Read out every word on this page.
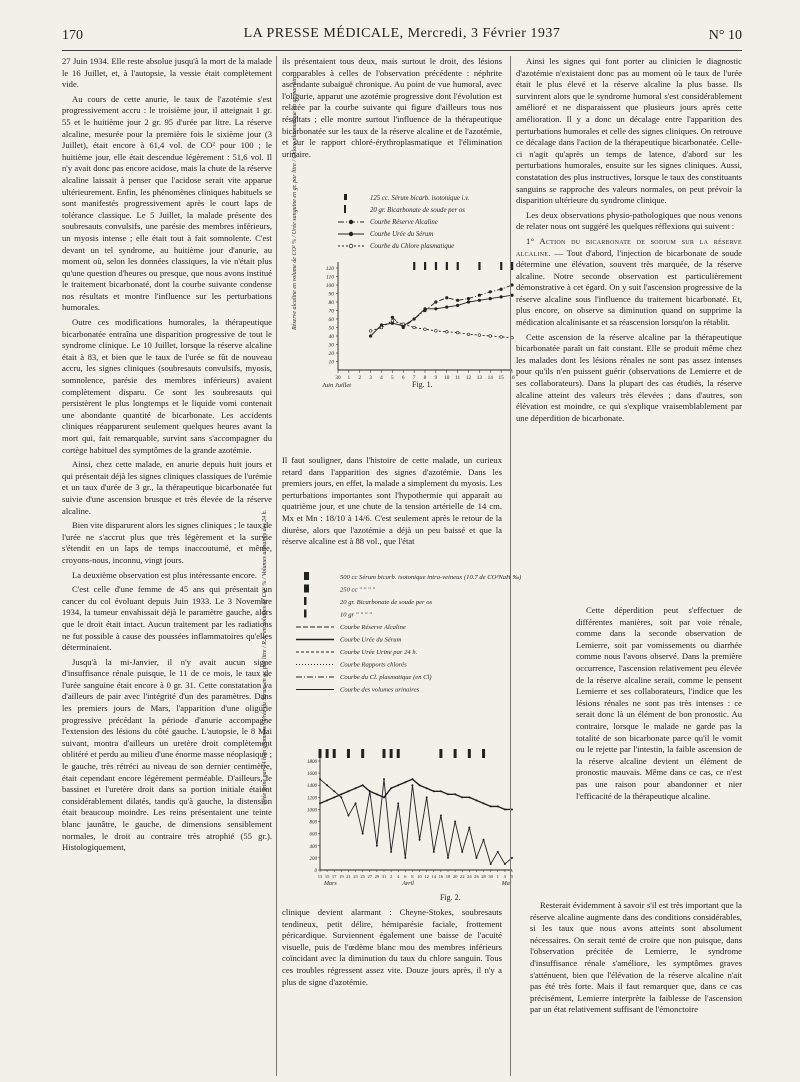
170	LA PRESSE MÉDICALE, Mercredi, 3 Février 1937	N° 10

27 Juin 1934. Elle reste absolue jusqu'à la mort de la malade le 16 Juillet, et, à l'autopsie, la vessie était complètement vide.

Au cours de cette anurie, le taux de l'azotémie s'est progressivement accru : le troisième jour, il atteignait 1 gr. 55 et le huitième jour 2 gr. 95 d'urée par litre. La réserve alcaline, mesurée pour la première fois le sixième jour (3 Juillet), était encore à 61,4 vol. de CO² pour 100 ; le huitième jour, elle était descendue légèrement : 51,6 vol. Il n'y avait donc pas encore acidose, mais la chute de la réserve alcaline laissait à penser que l'acidose serait vite apparue ultérieurement. Enfin, les phénomènes cliniques habituels se sont manifestés progressivement après le court laps de tolérance classique. Le 5 Juillet, la malade présente des soubresauts convulsifs, une parésie des membres inférieurs, un myosis intense ; elle était tout à fait somnolente. C'est devant un tel syndrome, au huitième jour d'anurie, au moment où, selon les données classiques, la vie n'était plus qu'une question d'heures ou presque, que nous avons institué le traitement bicarbonaté, dont la courbe suivante condense nos résultats et montre l'influence sur les perturbations humorales.

Outre ces modifications humorales, la thérapeutique bicarbonatée entraîna une disparition progressive de tout le syndrome clinique. Le 10 Juillet, lorsque la réserve alcaline était à 83, et bien que le taux de l'urée se fût de nouveau accru, les signes cliniques (soubresauts convulsifs, myosis, somnolence, parésie des membres inférieurs) avaient complètement disparu. Ce sont les soubresauts qui persistèrent le plus longtemps et le liquide vomi contenait une abondante quantité de bicarbonate. Les accidents cliniques réapparurent seulement quelques heures avant la mort qui, fait remarquable, survint sans s'accompagner du cortège habituel des symptômes de la grande azotémie.

Ainsi, chez cette malade, en anurie depuis huit jours et qui présentait déjà les signes cliniques classiques de l'urémie et un taux d'urée de 3 gr., la thérapeutique bicarbonatée fut suivie d'une ascension brusque et très élevée de la réserve alcaline.

Bien vite disparurent alors les signes cliniques ; le taux de l'urée ne s'accrut plus que très légèrement et la survie s'étendit en un laps de temps inaccoutumé, et même, croyons-nous, inconnu, vingt jours.

La deuxième observation est plus intéressante encore.

C'est celle d'une femme de 45 ans qui présentait un cancer du col évoluant depuis Juin 1933. Le 3 Novembre 1934, la tumeur envahissait déjà le paramètre gauche, alors que le droit était intact. Aucun traitement par les radiations ne fut possible à cause des poussées inflammatoires qu'elles déterminaient.

Jusqu'à la mi-Janvier, il n'y avait aucun signe d'insuffisance rénale puisque, le 11 de ce mois, le taux de l'urée sanguine était encore à 0 gr. 31. Cette constatation va d'ailleurs de pair avec l'intégrité d'un des paramètres. Dans les premiers jours de Mars, l'apparition d'une oligurie progressive précédant la période d'anurie accompagne l'extension des lésions du côté gauche. L'autopsie, le 8 Mai suivant, montra d'ailleurs un uretère droit complètement oblitéré et perdu au milieu d'une énorme masse néoplasique ; le gauche, très rétréci au niveau de son dernier centimètre, était cependant encore légèrement perméable. D'ailleurs, le bassinet et l'uretère droit dans sa portion initiale étaient considérablement dilatés, tandis qu'à gauche, la distension était beaucoup moindre. Les reins présentaient une teinte blanc jaunâtre, le gauche, de dimensions sensiblement normales, le droit au contraire très atrophié (55 gr.). Histologiquement,

ils présentaient tous deux, mais surtout le droit, des lésions comparables à celles de l'observation précédente : néphrite ascendante subaiguë chronique. Au point de vue humoral, avec l'oligurie, apparut une azotémie progressive dont l'évolution est relatée par la courbe suivante qui figure d'ailleurs tous nos résultats ; elle montre surtout l'influence de la thérapeutique bicarbonatée sur les taux de la réserve alcaline et de l'azotémie, et sur le rapport chloré-érythroplasmatique et l'élimination urinaire.

Réserve alcaline en volume de CO² % / Urée sanguine en gr. par litre / Chlore plasmatique en gr. par litre	125 cc. Sérum bicarb. isotonique i.v.
20 gr. Bicarbonate de soude per os
Courbe Réserve Alcaline
Courbe Urée du Sérum
Courbe du Chlore plasmatique
10
20
30
40
50
60
70
80
90
100
110
120
30 1 2 3 4 5 6 7 8 9 10 11 12 13 14 15 16
Juin Juillet	Fig. 1.

Il faut souligner, dans l'histoire de cette malade, un curieux retard dans l'apparition des signes d'azotémie. Dans les premiers jours, en effet, la malade a simplement du myosis. Les perturbations importantes sont l'hypothermie qui apparaît au quatrième jour, et une chute de la tension artérielle de 14 cm. Mx et Mn : 18/10 à 14/6. C'est seulement après le retour de la diurèse, alors que l'azotémie a déjà un peu baissé et que la réserve alcaline est à 88 vol., que l'état

Urée urine par 24 h en grammes / Urée du Sérum en gr. par litre / R.A. en volumes de CO² % / Volumes urinaires des 24 h.	500 cc Sérum bicarb. isotonique intra-veineux (10.7 de CO³NaH ‰)
250 cc " " " "
20 gr. Bicarbonate de soude per os
10 gr " " " "
Courbe Réserve Alcaline
Courbe Urée du Sérum
Courbe Urée Urine par 24 h.
Courbe Rapports chlorés
Courbe du Cl. plasmatique (en Cl)
Courbe des volumes urinaires
0
200
400
600
800
1000
1200
1400
1600
1800
13 15 17 19 21 23 25 27 29 31 2 4 6 8 10 12 14 16 18 20 22 24 26 28 30 1 3 5
Mars	Avril	Mai
Fig. 2.

clinique devient alarmant : Cheyne-Stokes, soubresauts tendineux, petit délire, hémiparésie faciale, frottement péricardique. Surviennent également une baisse de l'acuité visuelle, puis de l'œdème blanc mou des membres inférieurs coïncidant avec la diminution du taux du chlore sanguin. Tous ces troubles régressent assez vite. Douze jours après, il n'y a plus de signe d'azotémie.

Ainsi les signes qui font porter au clinicien le diagnostic d'azotémie n'existaient donc pas au moment où le taux de l'urée était le plus élevé et la réserve alcaline la plus basse. Ils survinrent alors que le syndrome humoral s'est considérablement amélioré et ne disparaissent que plusieurs jours après cette amélioration. Il y a donc un décalage entre l'apparition des perturbations humorales et celle des signes cliniques. On retrouve ce décalage dans l'action de la thérapeutique bicarbonatée. Celle-ci n'agit qu'après un temps de latence, d'abord sur les perturbations humorales, ensuite sur les signes cliniques. Aussi, constatation des plus instructives, lorsque le taux des constituants sanguins se rapproche des valeurs normales, on peut prévoir la disparition ultérieure du syndrome clinique.

Les deux observations physio-pathologiques que nous venons de relater nous ont suggéré les quelques réflexions qui suivent :

1° Action du bicarbonate de sodium sur la réserve alcaline. — Tout d'abord, l'injection de bicarbonate de soude détermine une élévation, souvent très marquée, de la réserve alcaline. Notre seconde observation est particulièrement démonstrative à cet égard. On y suit l'ascension progressive de la réserve alcaline sous l'influence du traitement bicarbonaté. Et, plus encore, on observe sa diminution quand on supprime la médication alcalinisante et sa réascension lorsqu'on la rétablit.

Cette ascension de la réserve alcaline par la thérapeutique bicarbonatée paraît un fait constant. Elle se produit même chez les malades dont les lésions rénales ne sont pas assez intenses pour qu'ils n'en puissent guérir (observations de Lemierre et de ses collaborateurs). Dans la plupart des cas étudiés, la réserve alcaline atteint des valeurs très élevées ; dans d'autres, son élévation est moindre, ce qui s'explique vraisemblablement par une déperdition de bicarbonate.

Cette déperdition peut s'effectuer de différentes manières, soit par voie rénale, comme dans la seconde observation de Lemierre, soit par vomissements ou diarrhée comme nous l'avons observé. Dans la première occurrence, l'ascension relativement peu élevée de la réserve alcaline serait, comme le pensent Lemierre et ses collaborateurs, l'indice que les lésions rénales ne sont pas très intenses : ce serait donc là un élément de bon pronostic. Au contraire, lorsque le malade ne garde pas la totalité de son bicarbonate parce qu'il le vomit ou le rejette par l'intestin, la faible ascension de la réserve alcaline devient un élément de pronostic mauvais. Même dans ce cas, ce n'est pas une raison pour abandonner et nier l'efficacité de la thérapeutique alcaline.

Resterait évidemment à savoir s'il est très important que la réserve alcaline augmente dans des conditions considérables, si les taux que nous avons atteints sont absolument nécessaires. On serait tenté de croire que non puisque, dans l'observation précitée de Lemierre, le syndrome d'insuffisance rénale s'améliore, les symptômes graves s'atténuent, bien que l'élévation de la réserve alcaline n'ait pas été très forte. Mais il faut remarquer que, dans ce cas précisément, Lemierre interprète la faiblesse de l'ascension par un état relativement suffisant de l'émonctoire
